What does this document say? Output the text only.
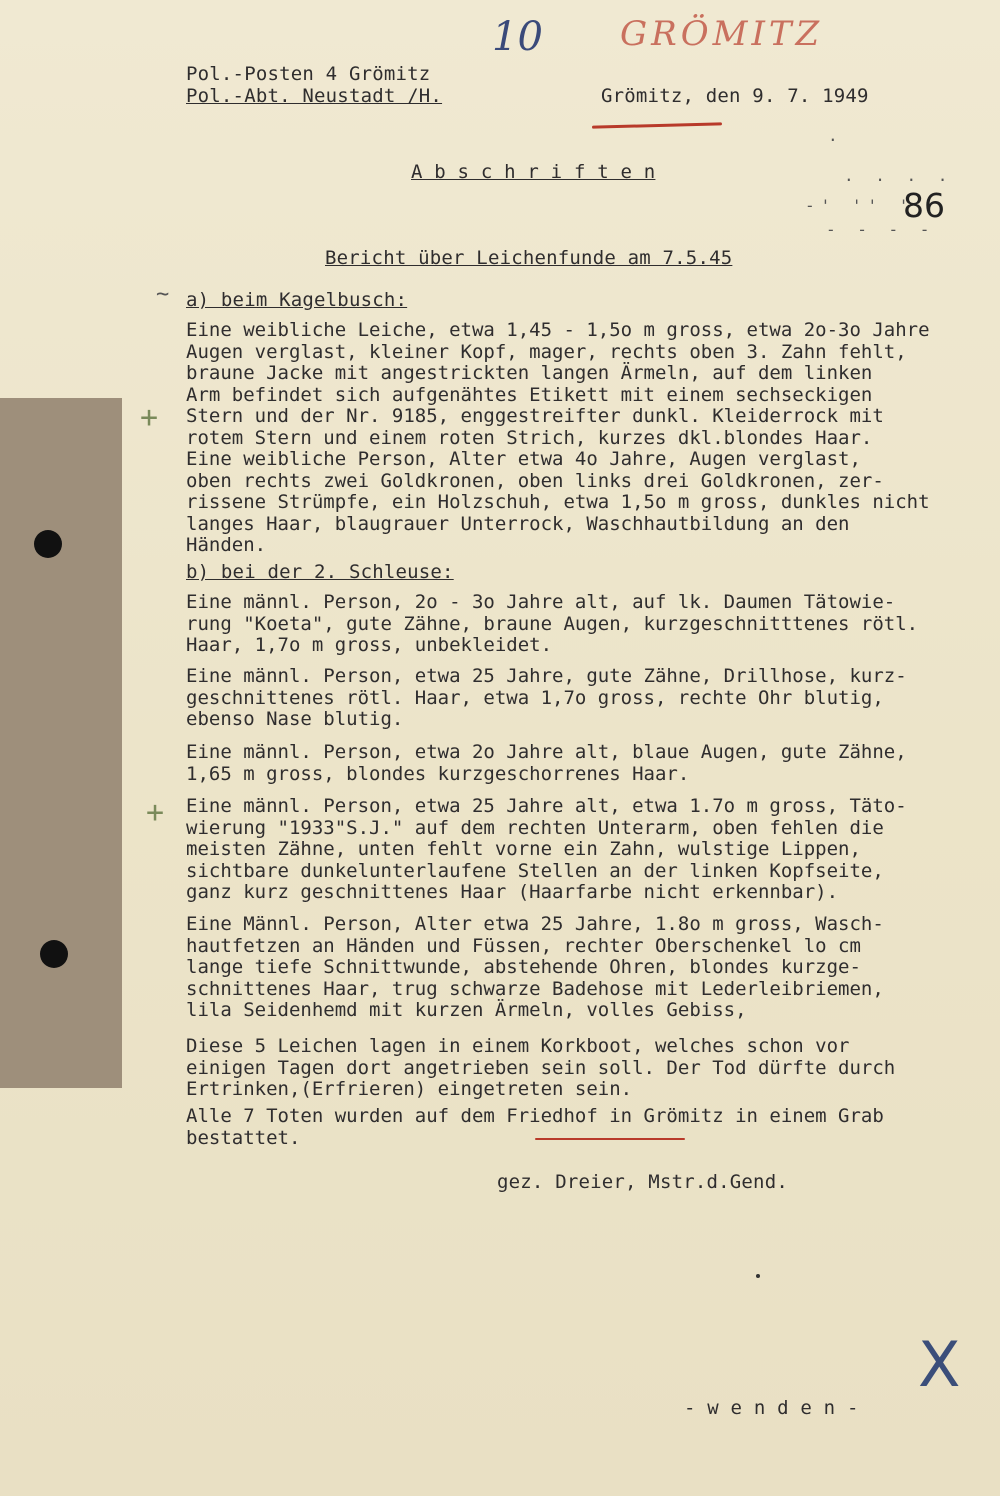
10 GRÖMITZ
Pol.-Posten 4 Grömitz
Pol.-Abt. Neustadt /H.	Grömitz, den 9. 7. 1949
.
. . . .
-' '' '
- - - -
86
A b s c h r i f t e n
Bericht über Leichenfunde am 7.5.45
~ a) beim Kagelbusch:
Eine weibliche Leiche, etwa 1,45 - 1,5o m gross, etwa 2o-3o Jahre
Augen verglast, kleiner Kopf, mager, rechts oben 3. Zahn fehlt,
braune Jacke mit angestrickten langen Ärmeln, auf dem linken
Arm befindet sich aufgenähtes Etikett mit einem sechseckigen
Stern und der Nr. 9185, enggestreifter dunkl. Kleiderrock mit
rotem Stern und einem roten Strich, kurzes dkl.blondes Haar.
Eine weibliche Person, Alter etwa 4o Jahre, Augen verglast,
oben rechts zwei Goldkronen, oben links drei Goldkronen, zer-
rissene Strümpfe, ein Holzschuh, etwa 1,5o m gross, dunkles nicht
langes Haar, blaugrauer Unterrock, Waschhautbildung an den
Händen.
+
b) bei der 2. Schleuse:
Eine männl. Person, 2o - 3o Jahre alt, auf lk. Daumen Tätowie-
rung "Koeta", gute Zähne, braune Augen, kurzgeschnitttenes rötl.
Haar, 1,7o m gross, unbekleidet.
Eine männl. Person, etwa 25 Jahre, gute Zähne, Drillhose, kurz-
geschnittenes rötl. Haar, etwa 1,7o gross, rechte Ohr blutig,
ebenso Nase blutig.
Eine männl. Person, etwa 2o Jahre alt, blaue Augen, gute Zähne,
1,65 m gross, blondes kurzgeschorrenes Haar.
+ Eine männl. Person, etwa 25 Jahre alt, etwa 1.7o m gross, Täto-
wierung "1933"S.J." auf dem rechten Unterarm, oben fehlen die
meisten Zähne, unten fehlt vorne ein Zahn, wulstige Lippen,
sichtbare dunkelunterlaufene Stellen an der linken Kopfseite,
ganz kurz geschnittenes Haar (Haarfarbe nicht erkennbar).
Eine Männl. Person, Alter etwa 25 Jahre, 1.8o m gross, Wasch-
hautfetzen an Händen und Füssen, rechter Oberschenkel lo cm
lange tiefe Schnittwunde, abstehende Ohren, blondes kurzge-
schnittenes Haar, trug schwarze Badehose mit Lederleibriemen,
lila Seidenhemd mit kurzen Ärmeln, volles Gebiss,
Diese 5 Leichen lagen in einem Korkboot, welches schon vor
einigen Tagen dort angetrieben sein soll. Der Tod dürfte durch
Ertrinken,(Erfrieren) eingetreten sein.
Alle 7 Toten wurden auf dem Friedhof in Grömitz in einem Grab
bestattet.
gez. Dreier, Mstr.d.Gend.
X
- w e n d e n -
